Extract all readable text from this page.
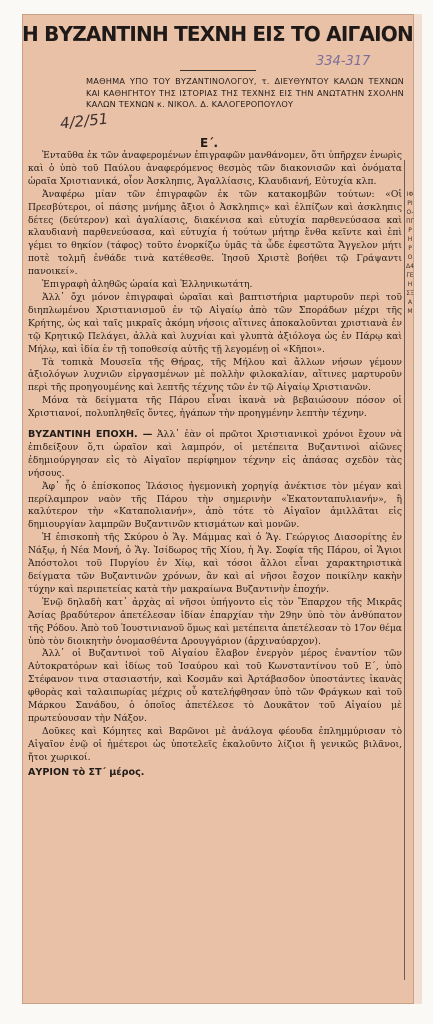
ΙΦΡΙΟ-ΠΓΡΗΡΟΔ4ΓΕΗΣΞΑΜ
Η ΒΥΖΑΝΤΙΝΗ ΤΕΧΝΗ ΕΙΣ ΤΟ ΑΙΓΑΙΟΝ
334-317
4/2/51
ΜΑΘΗΜΑ ΥΠΟ ΤΟΥ ΒΥΖΑΝΤΙΝΟΛΟΓΟΥ, τ. ΔΙΕΥΘΥΝΤΟΥ ΚΑΛΩΝ ΤΕΧΝΩΝ ΚΑΙ ΚΑΘΗΓΗΤΟΥ ΤΗΣ ΙΣΤΟΡΙΑΣ ΤΗΣ ΤΕΧΝΗΣ ΕΙΣ ΤΗΝ ΑΝΩΤΑΤΗΝ ΣΧΟΛΗΝ ΚΑΛΩΝ ΤΕΧΝΩΝ κ. ΝΙΚΟΛ. Δ. ΚΑΛΟΓΕΡΟΠΟΥΛΟΥ
Ε΄.

Ἐνταῦθα ἐκ τῶν ἀναφερομένων ἐπιγραφῶν μανθάνομεν, ὅτι ὑπῆρχεν ἐνωρὶς καὶ ὁ ὑπὸ τοῦ Παύλου ἀναφερόμενος θεσμὸς τῶν διακονισῶν καὶ ὀνόματα ὡραῖα Χριστιανικά, οἷον Ἀσκληπις, Ἀγαλλίασις, Κλαυδιανή, Εὐτυχία κλπ.

Ἀναφέρω μίαν τῶν ἐπιγραφῶν ἐκ τῶν κατακομβῶν τούτων: «Οἱ Πρεσβύτεροι, οἱ πάσης μνήμης ἄξιοι ὁ Ἀσκληπις» καὶ ἐλπίζων καὶ ἀσκληπις δέτες (δεύτερον) καὶ ἀγαλίασις, διακένισα καὶ εὐτυχία παρθενεύσασα καὶ κλαυδιανὴ παρθενεύσασα, καὶ εὐτυχία ἡ τούτων μήτηρ ἔνθα κεῖντε καὶ ἐπὶ γέμει το θηκίον (τάφος) τοῦτο ἐνορκίζω ὑμᾶς τὰ ὧδε ἐφεστῶτα Ἄγγελον μήτι ποτὲ τολμῆ ἐνθάδε τινὰ κατέθεσθε. Ἰησοῦ Χριστὲ βοήθει τῷ Γράψαντι πανοικεί».

Ἐπιγραφὴ ἀληθῶς ὡραία καὶ Ἑλληνικωτάτη.

Ἀλλ᾽ ὄχι μόνον ἐπιγραφαὶ ὡραῖαι καὶ βαπτιστήρια μαρτυροῦν περὶ τοῦ διηπλωμένου Χριστιανισμοῦ ἐν τῷ Αἰγαίῳ ἀπὸ τῶν Σποράδων μέχρι τῆς Κρήτης, ὡς καὶ ταῖς μικραῖς ἀκόμη νήσοις αἵτινες ἀποκαλοῦνται χριστιανὰ ἐν τῷ Κρητικῷ Πελάγει, ἀλλὰ καὶ λυχνίαι καὶ γλυπτὰ ἀξιόλογα ὡς ἐν Πάρῳ καὶ Μήλῳ, καὶ ἰδία ἐν τῇ τοποθεσίᾳ αὐτῆς τῇ λεγομένῃ οἱ «Κῆποι».

Τὰ τοπικὰ Μουσεῖα τῆς Θήρας, τῆς Μήλου καὶ ἄλλων νήσων γέμουν ἀξιολόγων λυχνιῶν εἰργασμένων μὲ πολλὴν φιλοκαλίαν, αἵτινες μαρτυροῦν περὶ τῆς προηγουμένης καὶ λεπτῆς τέχνης τῶν ἐν τῷ Αἰγαίῳ Χριστιανῶν.

Μόνα τὰ δείγματα τῆς Πάρου εἶναι ἱκανὰ νὰ βεβαιώσουν πόσον οἱ Χριστιανοί, πολυπληθεῖς ὄντες, ἠγάπων τὴν προηγμένην λεπτὴν τέχνην.

ΒΥΖΑΝΤΙΝΗ ΕΠΟΧΗ. — Ἀλλ᾽ ἐὰν οἱ πρῶτοι Χριστιανικοὶ χρόνοι ἔχουν νὰ ἐπιδείξουν ὅ,τι ὡραῖον καὶ λαμπρόν, οἱ μετέπειτα Βυζαντινοὶ αἰῶνες ἐδημιούργησαν εἰς τὸ Αἰγαῖον περίφημον τέχνην εἰς ἁπάσας σχεδὸν τὰς νήσους.

Ἀφ᾽ ἧς ὁ ἐπίσκοπος Ἰλάσιος ἡγεμονικὴ χορηγίᾳ ἀνέκτισε τὸν μέγαν καὶ περίλαμπρον ναὸν τῆς Πάρου τὴν σημερινὴν «Ἑκατονταπυλιανήν», ἢ καλύτερον τὴν «Καταπολιανήν», ἀπὸ τότε τὸ Αἰγαῖον ἁμιλλᾶται εἰς δημιουργίαν λαμπρῶν Βυζαντινῶν κτισμάτων καὶ μονῶν.

Ἡ ἐπισκοπὴ τῆς Σκύρου ὁ Ἅγ. Μάμμας καὶ ὁ Ἅγ. Γεώργιος Διασορίτης ἐν Νάξῳ, ἡ Νέα Μονή, ὁ Ἅγ. Ἰσίδωρος τῆς Χίου, ἡ Ἁγ. Σοφία τῆς Πάρου, οἱ Ἅγιοι Ἀπόστολοι τοῦ Πυργίου ἐν Χίῳ, καὶ τόσοι ἄλλοι εἶναι χαρακτηριστικὰ δείγματα τῶν Βυζαντινῶν χρόνων, ἂν καὶ αἱ νῆσοι ἔσχον ποικίλην κακὴν τύχην καὶ περιπετείας κατὰ τὴν μακραίωνα Βυζαντινὴν ἐποχήν.

Ἐνῷ δηλαδὴ κατ᾽ ἀρχὰς αἱ νῆσοι ὑπήγοντο εἰς τὸν Ἔπαρχον τῆς Μικρᾶς Ἀσίας βραδύτερον ἀπετέλεσαν ἰδίαν ἐπαρχίαν τὴν 29ην ὑπὸ τὸν ἀνθύπατον τῆς Ρόδου. Ἀπὸ τοῦ Ἰουστινιανοῦ ὅμως καὶ μετέπειτα ἀπετέλεσαν τὸ 17ον θέμα ὑπὸ τὸν διοικητὴν ὀνομασθέντα Δρουγγάριον (ἀρχιναύαρχον).

Ἀλλ᾽ οἱ Βυζαντινοὶ τοῦ Αἰγαίου ἔλαβον ἐνεργὸν μέρος ἐναντίον τῶν Αὐτοκρατόρων καὶ ἰδίως τοῦ Ἰσαύρου καὶ τοῦ Κωνσταντίνου τοῦ Ε΄, ὑπὸ Στέφανον τινα στασιαστήν, καὶ Κοσμᾶν καὶ Ἀρτάβασδον ὑποστάντες ἱκανὰς φθορὰς καὶ ταλαιπωρίας μέχρις οὗ κατελήφθησαν ὑπὸ τῶν Φράγκων καὶ τοῦ Μάρκου Σανάδου, ὁ ὁποῖος ἀπετέλεσε τὸ Δουκᾶτον τοῦ Αἰγαίου μὲ πρωτεύουσαν τὴν Νάξον.

Δοῦκες καὶ Κόμητες καὶ Βαρῶνοι μὲ ἀνάλογα φέουδα ἐπλημμύρισαν τὸ Αἰγαῖον ἐνῷ οἱ ἡμέτεροι ὡς ὑποτελεῖς ἐκαλοῦντο λίζιοι ἢ γενικῶς βιλᾶνοι, ἤτοι χωρικοί.

ΑΥΡΙΟΝ τὸ ΣΤ΄ μέρος.
